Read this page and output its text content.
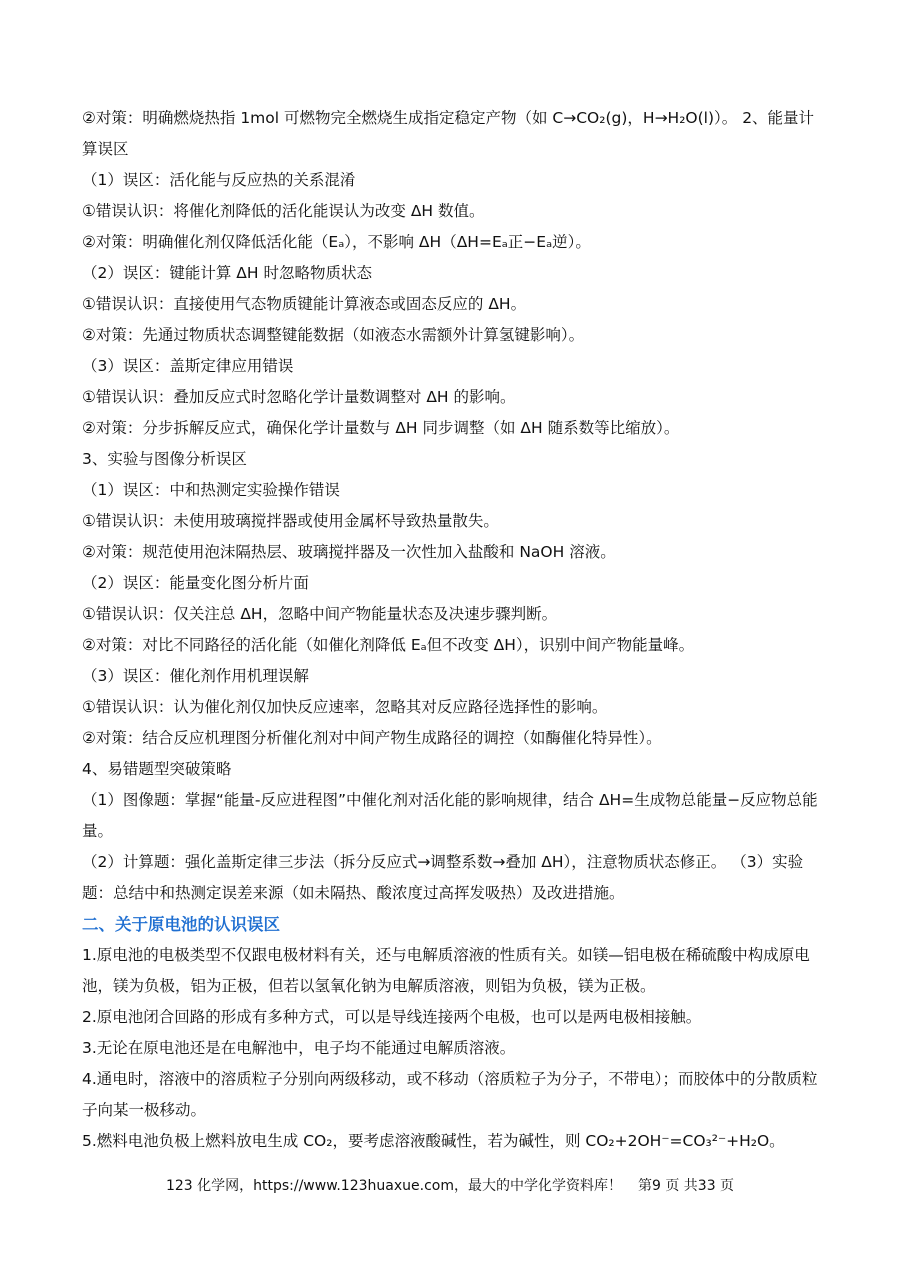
②对策：明确燃烧热指 1mol 可燃物完全燃烧生成指定稳定产物（如 C→CO₂(g)，H→H₂O(l)）。 2、能量计算误区
（1）误区：活化能与反应热的关系混淆
①错误认识：将催化剂降低的活化能误认为改变 ΔH 数值。
②对策：明确催化剂仅降低活化能（Eₐ），不影响 ΔH（ΔH=Eₐ正−Eₐ逆）。
（2）误区：键能计算 ΔH 时忽略物质状态
①错误认识：直接使用气态物质键能计算液态或固态反应的 ΔH。
②对策：先通过物质状态调整键能数据（如液态水需额外计算氢键影响）。
（3）误区：盖斯定律应用错误
①错误认识：叠加反应式时忽略化学计量数调整对 ΔH 的影响。
②对策：分步拆解反应式，确保化学计量数与 ΔH 同步调整（如 ΔH 随系数等比缩放）。
3、实验与图像分析误区
（1）误区：中和热测定实验操作错误
①错误认识：未使用玻璃搅拌器或使用金属杯导致热量散失。
②对策：规范使用泡沫隔热层、玻璃搅拌器及一次性加入盐酸和 NaOH 溶液。
（2）误区：能量变化图分析片面
①错误认识：仅关注总 ΔH，忽略中间产物能量状态及决速步骤判断。
②对策：对比不同路径的活化能（如催化剂降低 Eₐ但不改变 ΔH），识别中间产物能量峰。
（3）误区：催化剂作用机理误解
①错误认识：认为催化剂仅加快反应速率，忽略其对反应路径选择性的影响。
②对策：结合反应机理图分析催化剂对中间产物生成路径的调控（如酶催化特异性）。
4、易错题型突破策略
（1）图像题：掌握“能量-反应进程图”中催化剂对活化能的影响规律，结合 ΔH=生成物总能量−反应物总能量。
（2）计算题：强化盖斯定律三步法（拆分反应式→调整系数→叠加 ΔH），注意物质状态修正。 （3）实验题：总结中和热测定误差来源（如未隔热、酸浓度过高挥发吸热）及改进措施。
二、关于原电池的认识误区
1.原电池的电极类型不仅跟电极材料有关，还与电解质溶液的性质有关。如镁—铝电极在稀硫酸中构成原电池，镁为负极，铝为正极，但若以氢氧化钠为电解质溶液，则铝为负极，镁为正极。
2.原电池闭合回路的形成有多种方式，可以是导线连接两个电极，也可以是两电极相接触。
3.无论在原电池还是在电解池中，电子均不能通过电解质溶液。
4.通电时，溶液中的溶质粒子分别向两级移动，或不移动（溶质粒子为分子，不带电）；而胶体中的分散质粒子向某一极移动。
5.燃料电池负极上燃料放电生成 CO₂，要考虑溶液酸碱性，若为碱性，则 CO₂+2OH⁻=CO₃²⁻+H₂O。
123 化学网，https://www.123huaxue.com，最大的中学化学资料库！ 第9 页 共33 页
